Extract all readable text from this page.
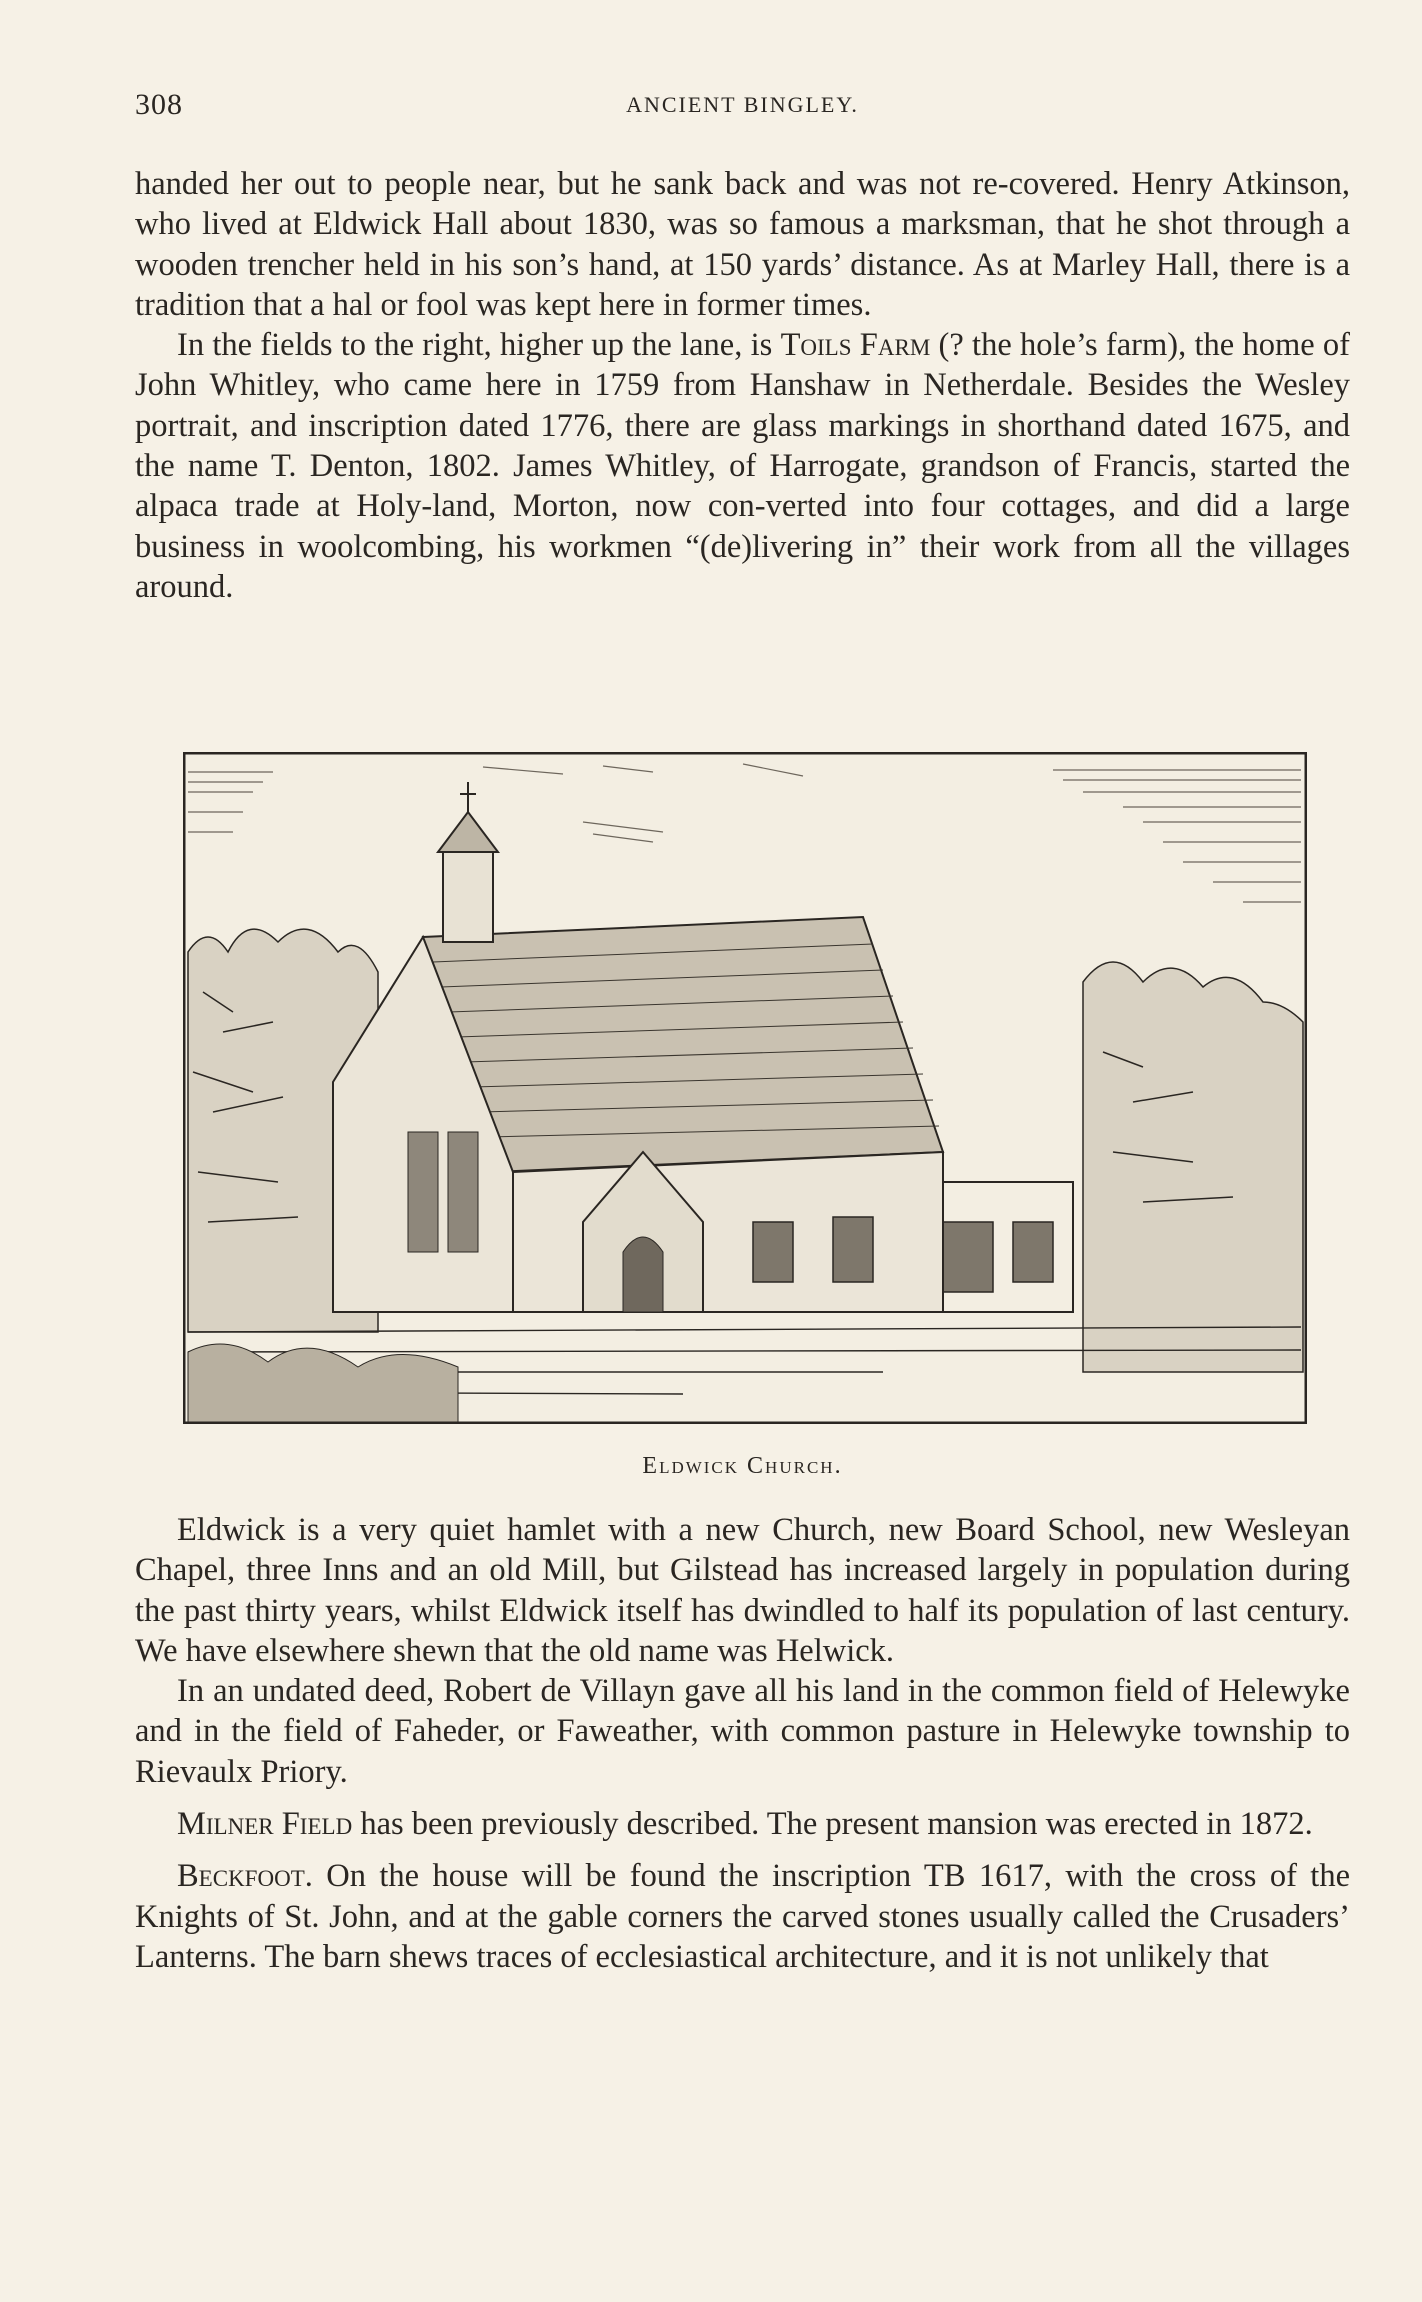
308	ANCIENT BINGLEY.

handed her out to people near, but he sank back and was not re-covered. Henry Atkinson, who lived at Eldwick Hall about 1830, was so famous a marksman, that he shot through a wooden trencher held in his son’s hand, at 150 yards’ distance. As at Marley Hall, there is a tradition that a hal or fool was kept here in former times.

In the fields to the right, higher up the lane, is Toils Farm (? the hole’s farm), the home of John Whitley, who came here in 1759 from Hanshaw in Netherdale. Besides the Wesley portrait, and inscription dated 1776, there are glass markings in shorthand dated 1675, and the name T. Denton, 1802. James Whitley, of Harrogate, grandson of Francis, started the alpaca trade at Holy-land, Morton, now con-verted into four cottages, and did a large business in woolcombing, his workmen “(de)livering in” their work from all the villages around.

Eldwick Church.

Eldwick is a very quiet hamlet with a new Church, new Board School, new Wesleyan Chapel, three Inns and an old Mill, but Gilstead has increased largely in population during the past thirty years, whilst Eldwick itself has dwindled to half its population of last century. We have elsewhere shewn that the old name was Helwick.

In an undated deed, Robert de Villayn gave all his land in the common field of Helewyke and in the field of Faheder, or Faweather, with common pasture in Helewyke township to Rievaulx Priory.

Milner Field has been previously described. The present mansion was erected in 1872.

Beckfoot. On the house will be found the inscription TB 1617, with the cross of the Knights of St. John, and at the gable corners the carved stones usually called the Crusaders’ Lanterns. The barn shews traces of ecclesiastical architecture, and it is not unlikely that
